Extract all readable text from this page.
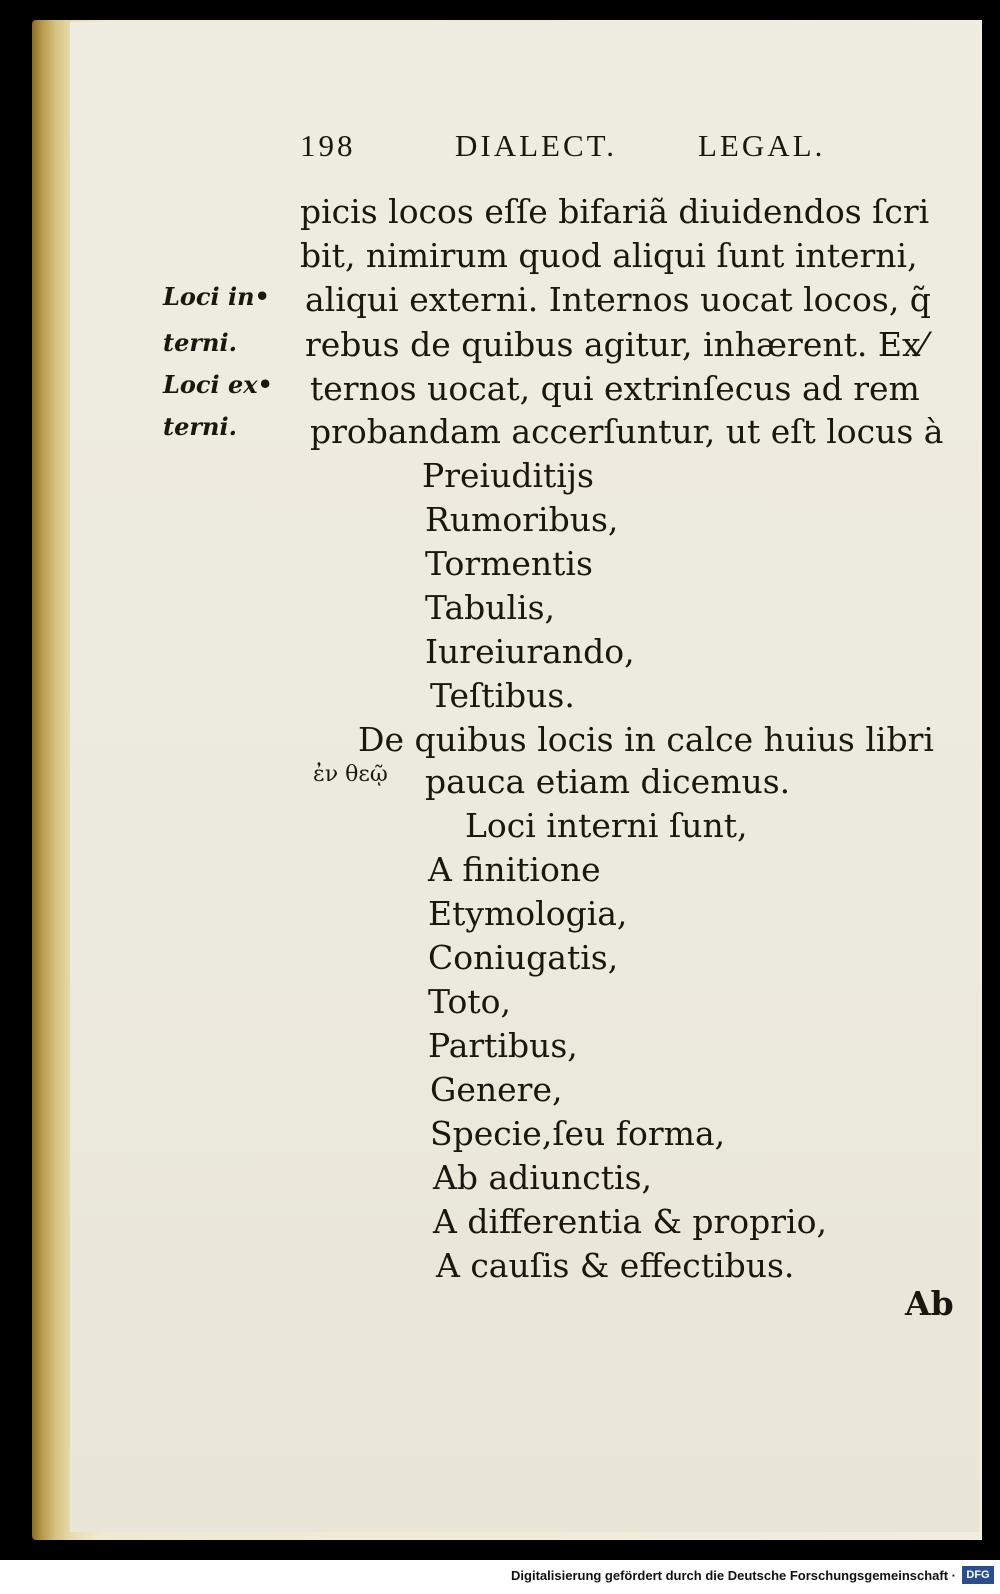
198	DIALECT.	LEGAL.
Loci in•
terni.
Loci ex•
terni.
ἐν θεῷ
picis locos eſſe bifariã diuidendos ſcri
bit, nimirum quod aliqui ſunt interni,
aliqui externi. Internos uocat locos, q̃
rebus de quibus agitur, inhærent. Ex⁄
ternos uocat, qui extrinſecus ad rem
probandam accerſuntur, ut eſt locus à
Preiuditijs
Rumoribus,
Tormentis
Tabulis,
Iureiurando,
Teſtibus.
De quibus locis in calce huius libri
pauca etiam dicemus.
Loci interni ſunt,
A finitione
Etymologia,
Coniugatis,
Toto,
Partibus,
Genere,
Specie,ſeu forma,
Ab adiunctis,
A differentia & proprio,
A cauſis & effectibus.
Ab
Digitalisierung gefördert durch die Deutsche Forschungsgemeinschaft · DFG
